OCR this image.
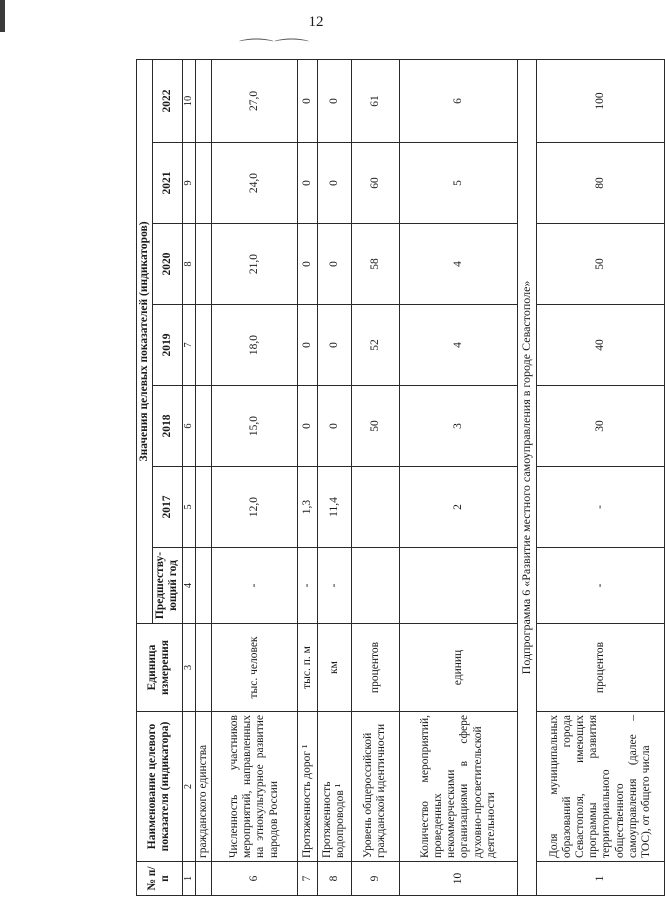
12
⌒⌒
№ п/п	Наименование целевого показателя (индикатора)	Единица измерения	Значения целевых показателей (индикаторов)						
			Предшеству-ющий год	2017	2018	2019	2020	2021	2022
1	2	3	4	5	6	7	8	9	10
	гражданского единства								
6	Численность участников мероприятий, направленных на этнокультурное развитие народов России	тыс. человек	-	12,0	15,0	18,0	21,0	24,0	27,0
7	Протяженность дорог ¹	тыс. п. м	-	1,3	0	0	0	0	0
8	Протяженность водопроводов ¹	км	-	11,4	0	0	0	0	0
9	Уровень общероссийской гражданской идентичности	процентов			50	52	58	60	61
10	Количество мероприятий, проведенных некоммерческими организациями в сфере духовно-просветительской деятельности	единиц		2	3	4	4	5	6
Подпрограмма 6 «Развитие местного самоуправления в городе Севастополе»									
1	Доля муниципальных образований города Севастополя, имеющих программы развития территориального общественного самоуправления (далее – ТОС), от общего числа	процентов	-	-	30	40	50	80	100
